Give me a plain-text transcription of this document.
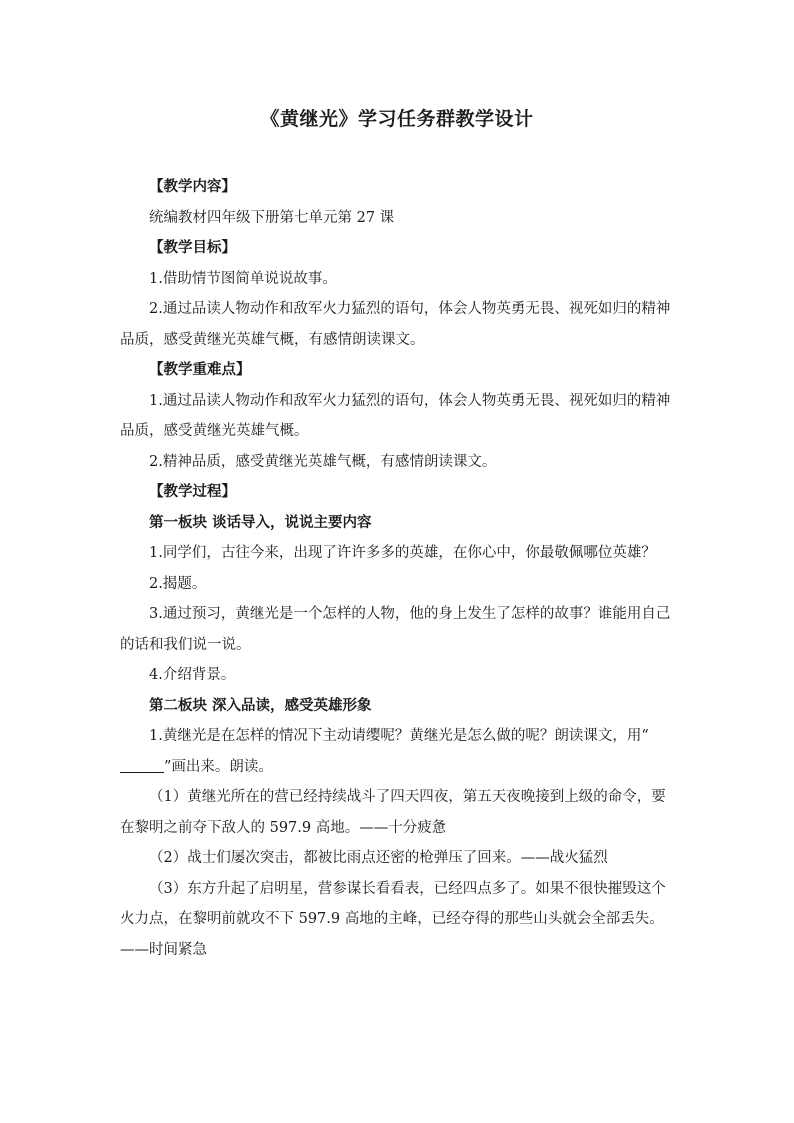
《黄继光》学习任务群教学设计

【教学内容】

统编教材四年级下册第七单元第 27 课

【教学目标】

1.借助情节图简单说说故事。

2.通过品读人物动作和敌军火力猛烈的语句，体会人物英勇无畏、视死如归的精神品质，感受黄继光英雄气概，有感情朗读课文。

【教学重难点】

1.通过品读人物动作和敌军火力猛烈的语句，体会人物英勇无畏、视死如归的精神品质，感受黄继光英雄气概。

2.精神品质，感受黄继光英雄气概，有感情朗读课文。

【教学过程】

第一板块 谈话导入，说说主要内容

1.同学们，古往今来，出现了许许多多的英雄，在你心中，你最敬佩哪位英雄？

2.揭题。

3.通过预习，黄继光是一个怎样的人物，他的身上发生了怎样的故事？谁能用自己的话和我们说一说。

4.介绍背景。

第二板块 深入品读，感受英雄形象

1.黄继光是在怎样的情况下主动请缨呢？黄继光是怎么做的呢？朗读课文，用“”画出来。朗读。

（1）黄继光所在的营已经持续战斗了四天四夜，第五天夜晚接到上级的命令，要在黎明之前夺下敌人的 597.9 高地。——十分疲惫

（2）战士们屡次突击，都被比雨点还密的枪弹压了回来。——战火猛烈

（3）东方升起了启明星，营参谋长看看表，已经四点多了。如果不很快摧毁这个火力点，在黎明前就攻不下 597.9 高地的主峰，已经夺得的那些山头就会全部丢失。——时间紧急
